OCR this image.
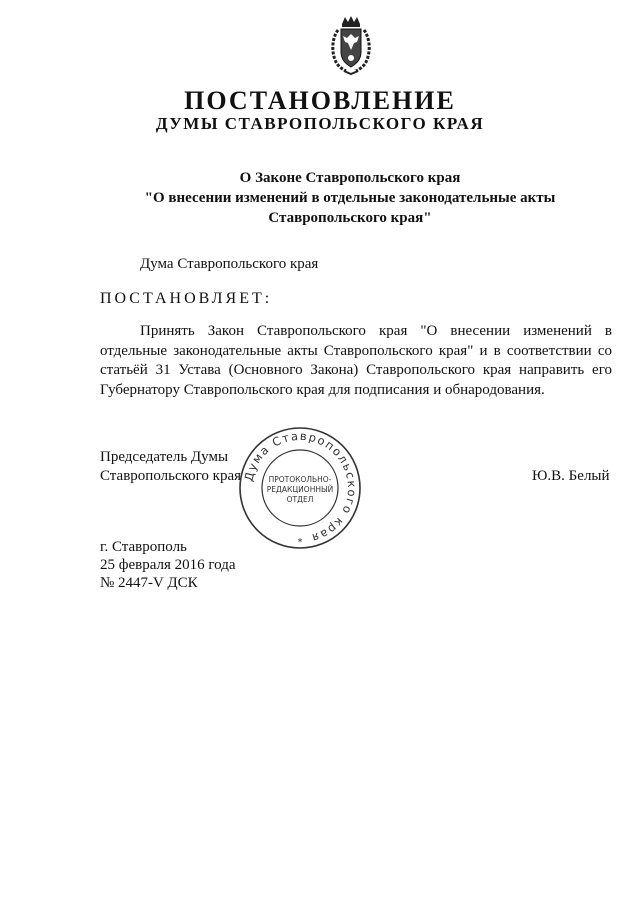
ПОСТАНОВЛЕНИЕ
ДУМЫ СТАВРОПОЛЬСКОГО КРАЯ
О Законе Ставропольского края
"О внесении изменений в отдельные законодательные акты
Ставропольского края"
Дума Ставропольского края
ПОСТАНОВЛЯЕТ:
Принять Закон Ставропольского края "О внесении изменений в отдельные законодательные акты Ставропольского края" и в соответствии со статьёй 31 Устава (Основного Закона) Ставропольского края направить его Губернатору Ставропольского края для подписания и обнародования.
Председатель Думы
Ставропольского края	Ю.В. Белый
Дума Ставропольского края
ПРОТОКОЛЬНО-
РЕДАКЦИОННЫЙ
ОТДЕЛ
*
г. Ставрополь
25 февраля 2016 года
№ 2447-V ДСК
